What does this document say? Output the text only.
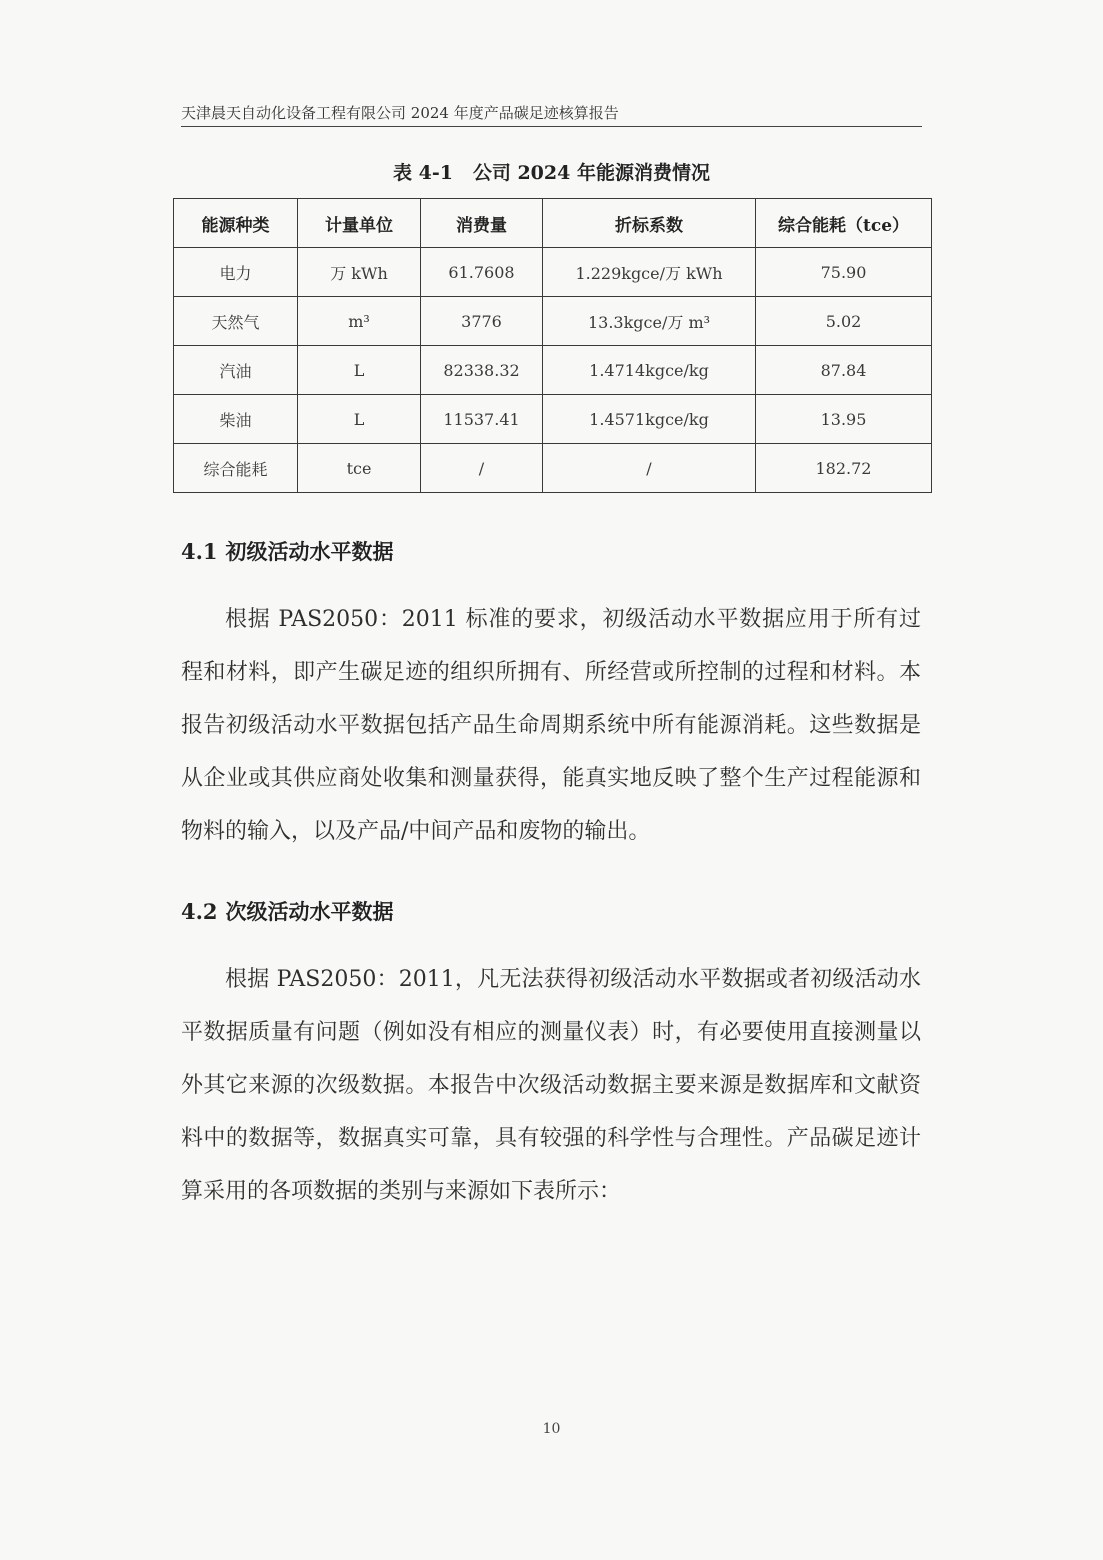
天津晨天自动化设备工程有限公司 2024 年度产品碳足迹核算报告
表 4-1   公司 2024 年能源消费情况
能源种类	计量单位	消费量	折标系数	综合能耗（tce）
电力	万 kWh	61.7608	1.229kgce/万 kWh	75.90
天然气	m³	3776	13.3kgce/万 m³	5.02
汽油	L	82338.32	1.4714kgce/kg	87.84
柴油	L	11537.41	1.4571kgce/kg	13.95
综合能耗	tce	/	/	182.72
4.1 初级活动水平数据

根据 PAS2050：2011 标准的要求，初级活动水平数据应用于所有过程和材料，即产生碳足迹的组织所拥有、所经营或所控制的过程和材料。本报告初级活动水平数据包括产品生命周期系统中所有能源消耗。这些数据是从企业或其供应商处收集和测量获得，能真实地反映了整个生产过程能源和物料的输入，以及产品/中间产品和废物的输出。

4.2 次级活动水平数据

根据 PAS2050：2011，凡无法获得初级活动水平数据或者初级活动水平数据质量有问题（例如没有相应的测量仪表）时，有必要使用直接测量以外其它来源的次级数据。本报告中次级活动数据主要来源是数据库和文献资料中的数据等，数据真实可靠，具有较强的科学性与合理性。产品碳足迹计算采用的各项数据的类别与来源如下表所示：

10
